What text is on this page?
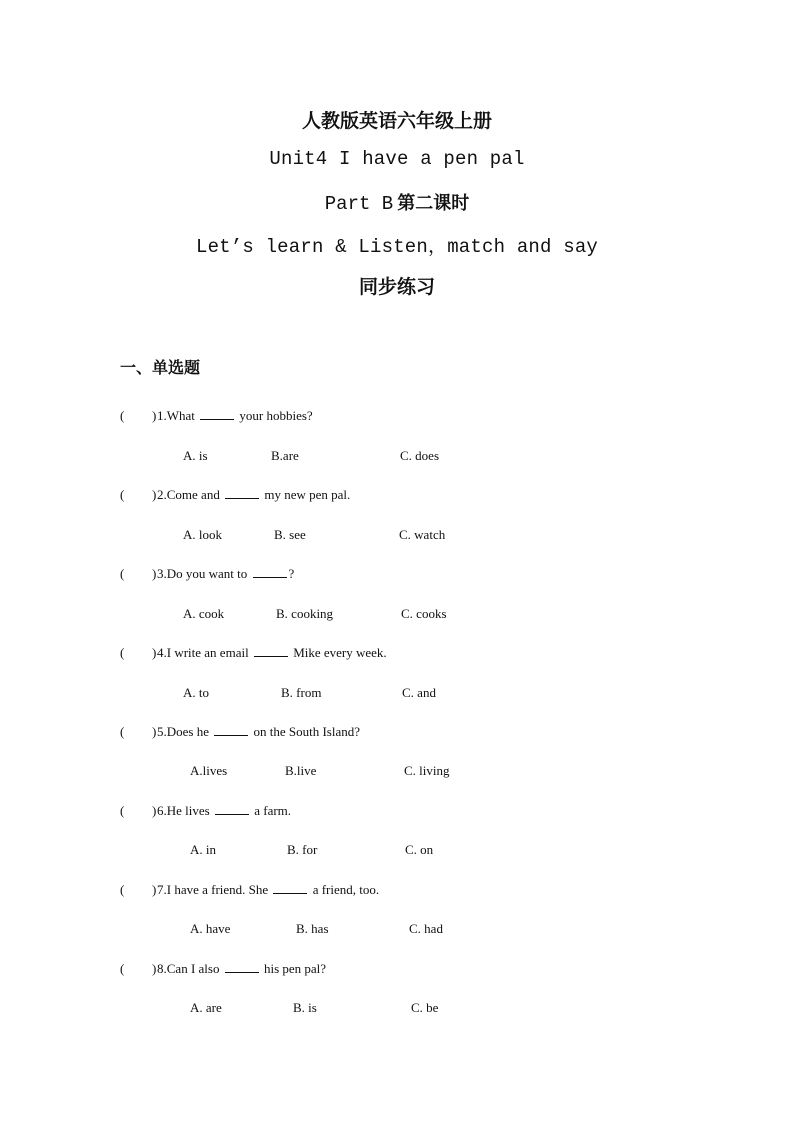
人教版英语六年级上册
Unit4 I have a pen pal
Part B 第二课时
Let’s learn & Listen，match and say
同步练习
一、单选题
( ) 1.What	your hobbies?
A. is	B.are	C. does
( ) 2.Come and	my new pen pal.
A. look	B. see	C. watch
( ) 3.Do you want to	?
A. cook	B. cooking	C. cooks
( ) 4.I write an email	Mike every week.
A. to	B. from	C. and
( ) 5.Does he	on the South Island?
A.lives	B.live	C. living
( ) 6.He lives	a farm.
A. in	B. for	C. on
( ) 7.I have a friend. She	a friend, too.
A. have	B. has	C. had
( ) 8.Can I also	his pen pal?
A. are	B. is	C. be
